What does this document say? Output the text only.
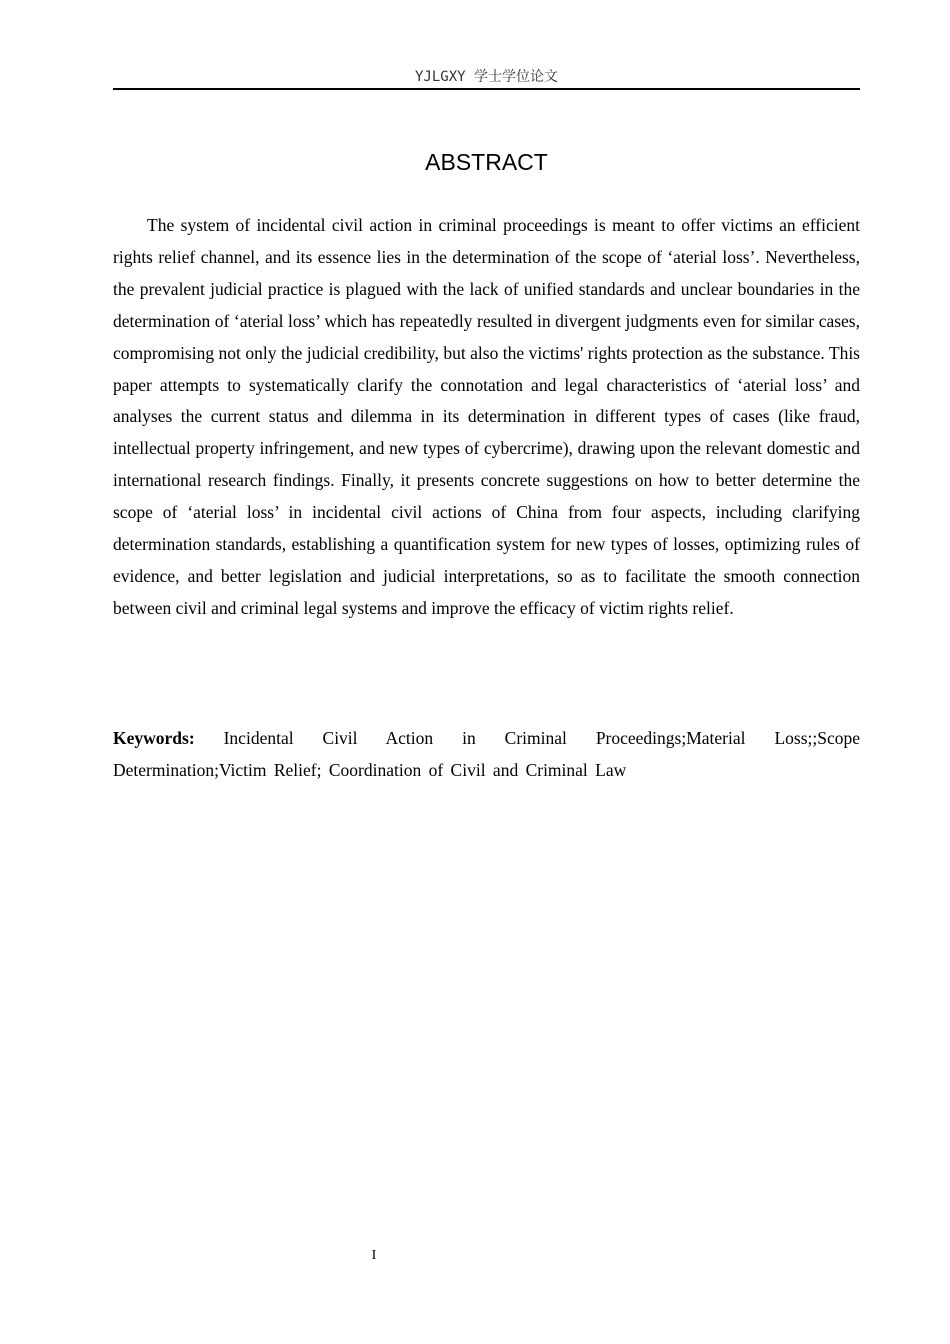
YJLGXY 学士学位论文
ABSTRACT

The system of incidental civil action in criminal proceedings is meant to offer victims an efficient rights relief channel, and its essence lies in the determination of the scope of ‘aterial loss’. Nevertheless, the prevalent judicial practice is plagued with the lack of unified standards and unclear boundaries in the determination of ‘aterial loss’ which has repeatedly resulted in divergent judgments even for similar cases, compromising not only the judicial credibility, but also the victims' rights protection as the substance. This paper attempts to systematically clarify the connotation and legal characteristics of ‘aterial loss’ and analyses the current status and dilemma in its determination in different types of cases (like fraud, intellectual property infringement, and new types of cybercrime), drawing upon the relevant domestic and international research findings. Finally, it presents concrete suggestions on how to better determine the scope of ‘aterial loss’ in incidental civil actions of China from four aspects, including clarifying determination standards, establishing a quantification system for new types of losses, optimizing rules of evidence, and better legislation and judicial interpretations, so as to facilitate the smooth connection between civil and criminal legal systems and improve the efficacy of victim rights relief.

Keywords: Incidental Civil Action in Criminal Proceedings;Material Loss;;Scope Determination;Victim Relief; Coordination of Civil and Criminal Law

I
